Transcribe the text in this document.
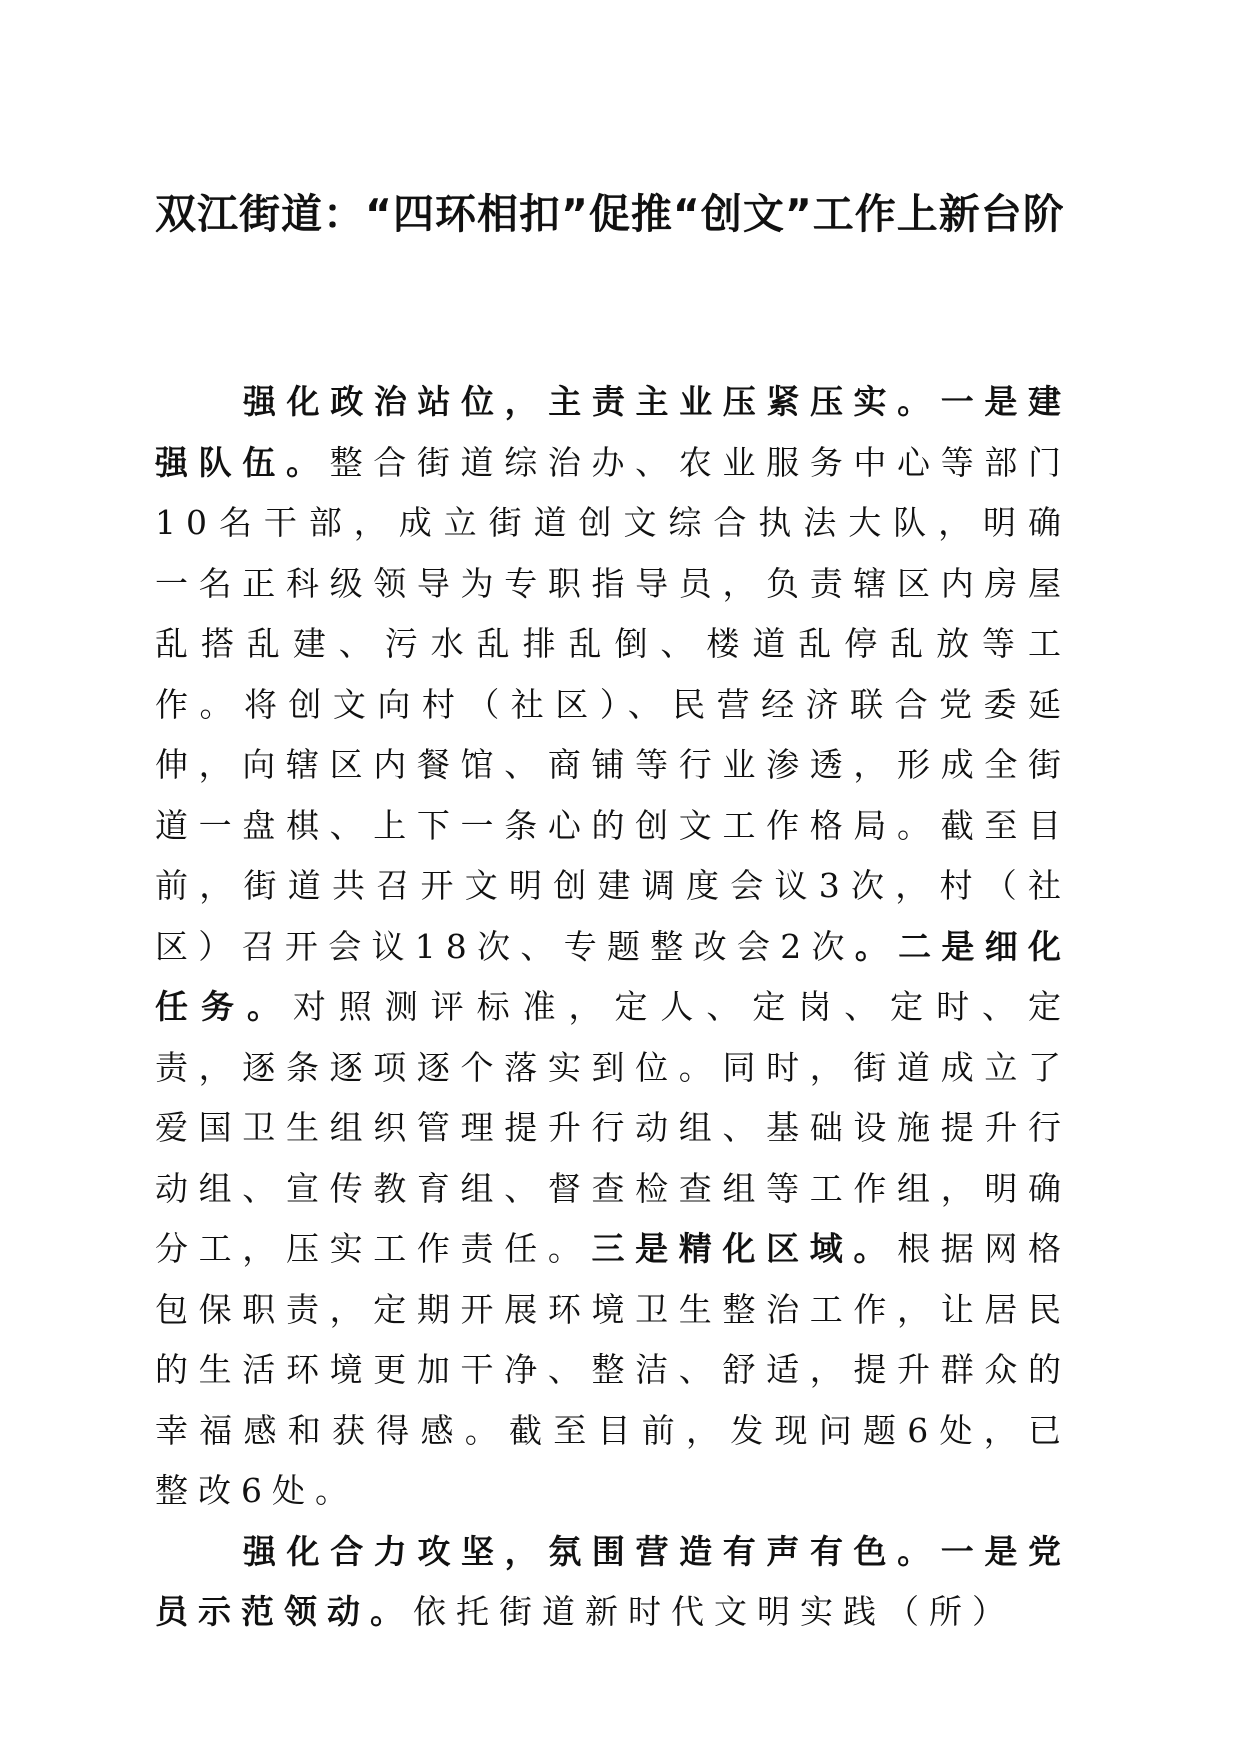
双江街道：“四环相扣”促推“创文”工作上新台阶

强化政治站位，主责主业压紧压实。一是建强队伍。整合街道综治办、农业服务中心等部门10名干部，成立街道创文综合执法大队，明确一名正科级领导为专职指导员，负责辖区内房屋乱搭乱建、污水乱排乱倒、楼道乱停乱放等工作。将创文向村（社区）、民营经济联合党委延伸，向辖区内餐馆、商铺等行业渗透，形成全街道一盘棋、上下一条心的创文工作格局。截至目前，街道共召开文明创建调度会议3次，村（社区）召开会议18次、专题整改会2次。二是细化任务。对照测评标准，定人、定岗、定时、定责，逐条逐项逐个落实到位。同时，街道成立了爱国卫生组织管理提升行动组、基础设施提升行动组、宣传教育组、督查检查组等工作组，明确分工，压实工作责任。三是精化区域。根据网格包保职责，定期开展环境卫生整治工作，让居民的生活环境更加干净、整洁、舒适，提升群众的幸福感和获得感。截至目前，发现问题6处，已整改6处。

强化合力攻坚，氛围营造有声有色。一是党员示范领动。依托街道新时代文明实践（所）
